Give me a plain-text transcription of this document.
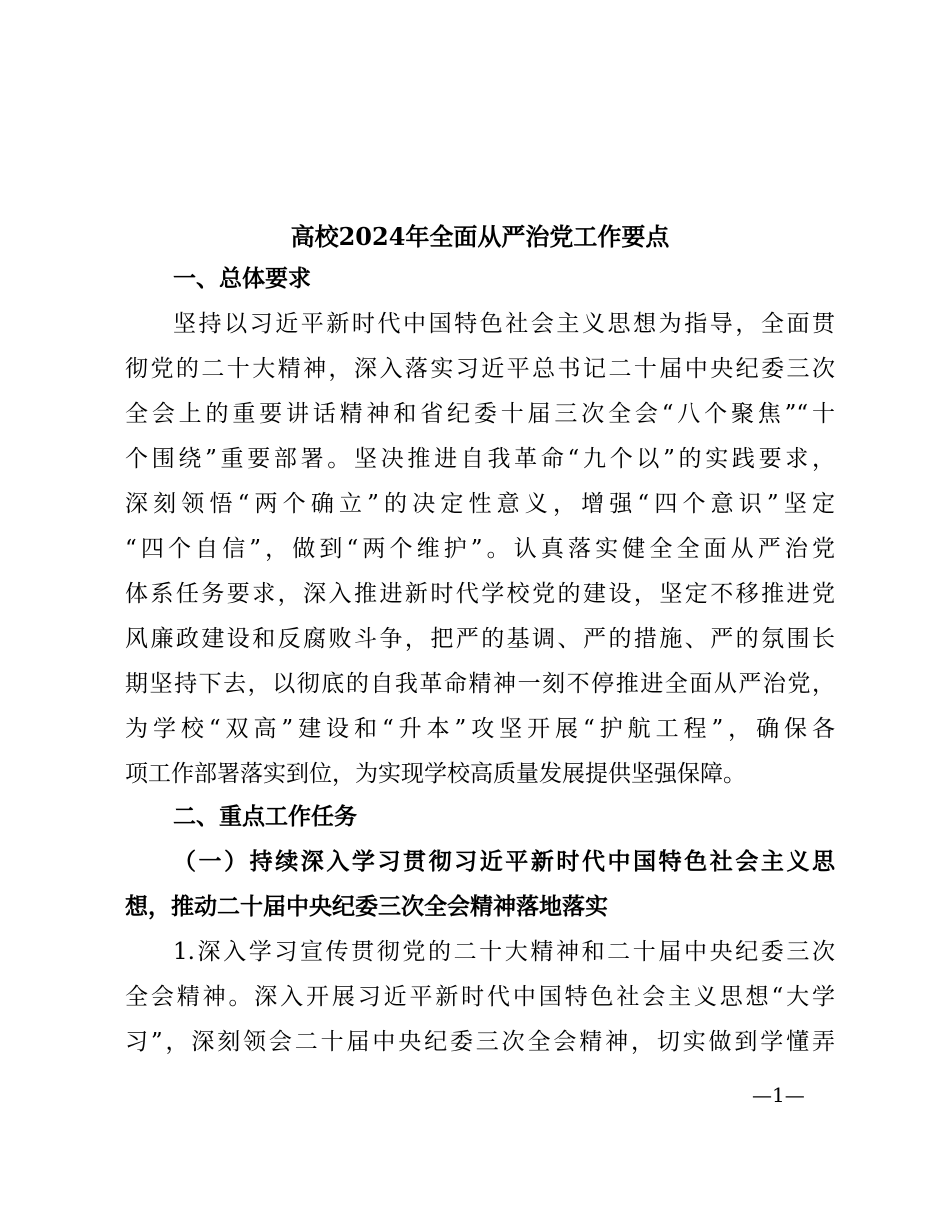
高校2024年全面从严治党工作要点
一、总体要求

坚持以习近平新时代中国特色社会主义思想为指导，全面贯

彻党的二十大精神，深入落实习近平总书记二十届中央纪委三次

全会上的重要讲话精神和省纪委十届三次全会“八个聚焦”“十

个围绕”重要部署。坚决推进自我革命“九个以”的实践要求，

深刻领悟“两个确立”的决定性意义，增强“四个意识”坚定

“四个自信”，做到“两个维护”。认真落实健全全面从严治党

体系任务要求，深入推进新时代学校党的建设，坚定不移推进党

风廉政建设和反腐败斗争，把严的基调、严的措施、严的氛围长

期坚持下去，以彻底的自我革命精神一刻不停推进全面从严治党，

为学校“双高”建设和“升本”攻坚开展“护航工程”，确保各

项工作部署落实到位，为实现学校高质量发展提供坚强保障。

二、重点工作任务

（一）持续深入学习贯彻习近平新时代中国特色社会主义思

想，推动二十届中央纪委三次全会精神落地落实

1.深入学习宣传贯彻党的二十大精神和二十届中央纪委三次

全会精神。深入开展习近平新时代中国特色社会主义思想“大学

习”，深刻领会二十届中央纪委三次全会精神，切实做到学懂弄

—1—
